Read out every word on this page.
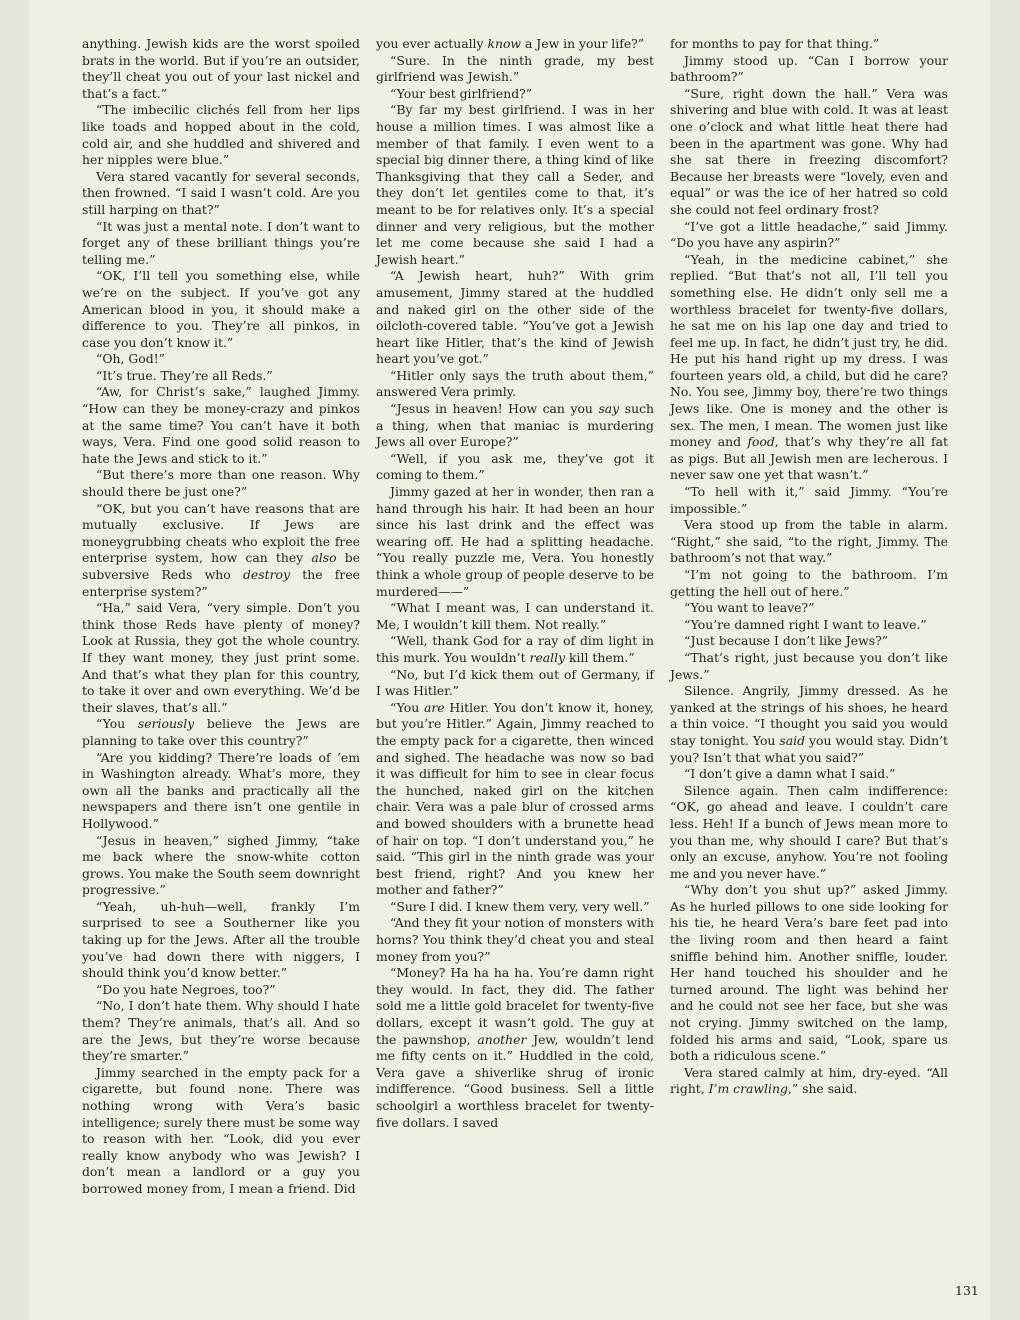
anything. Jewish kids are the worst spoiled brats in the world. But if you’re an outsider, they’ll cheat you out of your last nickel and that’s a fact.”

“The imbecilic clichés fell from her lips like toads and hopped about in the cold, cold air, and she huddled and shivered and her nipples were blue.”

Vera stared vacantly for several seconds, then frowned. “I said I wasn’t cold. Are you still harping on that?”

“It was just a mental note. I don’t want to forget any of these brilliant things you’re telling me.”

“OK, I’ll tell you something else, while we’re on the subject. If you’ve got any American blood in you, it should make a difference to you. They’re all pinkos, in case you don’t know it.”

“Oh, God!”

“It’s true. They’re all Reds.”

“Aw, for Christ’s sake,” laughed Jimmy. “How can they be money-crazy and pinkos at the same time? You can’t have it both ways, Vera. Find one good solid reason to hate the Jews and stick to it.”

“But there’s more than one reason. Why should there be just one?”

“OK, but you can’t have reasons that are mutually exclusive. If Jews are moneygrubbing cheats who exploit the free enterprise system, how can they also be subversive Reds who destroy the free enterprise system?”

“Ha,” said Vera, “very simple. Don’t you think those Reds have plenty of money? Look at Russia, they got the whole country. If they want money, they just print some. And that’s what they plan for this country, to take it over and own everything. We’d be their slaves, that’s all.”

“You seriously believe the Jews are planning to take over this country?”

“Are you kidding? There’re loads of ’em in Washington already. What’s more, they own all the banks and practically all the newspapers and there isn’t one gentile in Hollywood.”

“Jesus in heaven,” sighed Jimmy, “take me back where the snow-white cotton grows. You make the South seem downright progressive.”

“Yeah, uh-huh—well, frankly I’m surprised to see a Southerner like you taking up for the Jews. After all the trouble you’ve had down there with niggers, I should think you’d know better.”

“Do you hate Negroes, too?”

“No, I don’t hate them. Why should I hate them? They’re animals, that’s all. And so are the Jews, but they’re worse because they’re smarter.”

Jimmy searched in the empty pack for a cigarette, but found none. There was nothing wrong with Vera’s basic intelligence; surely there must be some way to reason with her. “Look, did you ever really know anybody who was Jewish? I don’t mean a landlord or a guy you borrowed money from, I mean a friend. Did

you ever actually know a Jew in your life?”

“Sure. In the ninth grade, my best girlfriend was Jewish.”

“Your best girlfriend?”

“By far my best girlfriend. I was in her house a million times. I was almost like a member of that family. I even went to a special big dinner there, a thing kind of like Thanksgiving that they call a Seder, and they don’t let gentiles come to that, it’s meant to be for relatives only. It’s a special dinner and very religious, but the mother let me come because she said I had a Jewish heart.”

“A Jewish heart, huh?” With grim amusement, Jimmy stared at the huddled and naked girl on the other side of the oilcloth-covered table. “You’ve got a Jewish heart like Hitler, that’s the kind of Jewish heart you’ve got.”

“Hitler only says the truth about them,” answered Vera primly.

“Jesus in heaven! How can you say such a thing, when that maniac is murdering Jews all over Europe?”

“Well, if you ask me, they’ve got it coming to them.”

Jimmy gazed at her in wonder, then ran a hand through his hair. It had been an hour since his last drink and the effect was wearing off. He had a splitting headache. “You really puzzle me, Vera. You honestly think a whole group of people deserve to be murdered——”

“What I meant was, I can understand it. Me, I wouldn’t kill them. Not really.”

“Well, thank God for a ray of dim light in this murk. You wouldn’t really kill them.”

“No, but I’d kick them out of Germany, if I was Hitler.”

“You are Hitler. You don’t know it, honey, but you’re Hitler.” Again, Jimmy reached to the empty pack for a cigarette, then winced and sighed. The headache was now so bad it was difficult for him to see in clear focus the hunched, naked girl on the kitchen chair. Vera was a pale blur of crossed arms and bowed shoulders with a brunette head of hair on top. “I don’t understand you,” he said. “This girl in the ninth grade was your best friend, right? And you knew her mother and father?”

“Sure I did. I knew them very, very well.”

“And they fit your notion of monsters with horns? You think they’d cheat you and steal money from you?”

“Money? Ha ha ha ha. You’re damn right they would. In fact, they did. The father sold me a little gold bracelet for twenty-five dollars, except it wasn’t gold. The guy at the pawnshop, another Jew, wouldn’t lend me fifty cents on it.” Huddled in the cold, Vera gave a shiverlike shrug of ironic indifference. “Good business. Sell a little schoolgirl a worthless bracelet for twenty-five dollars. I saved

for months to pay for that thing.”

Jimmy stood up. “Can I borrow your bathroom?”

“Sure, right down the hall.” Vera was shivering and blue with cold. It was at least one o’clock and what little heat there had been in the apartment was gone. Why had she sat there in freezing discomfort? Because her breasts were “lovely, even and equal” or was the ice of her hatred so cold she could not feel ordinary frost?

“I’ve got a little headache,” said Jimmy. “Do you have any aspirin?”

“Yeah, in the medicine cabinet,” she replied. “But that’s not all, I’ll tell you something else. He didn’t only sell me a worthless bracelet for twenty-five dollars, he sat me on his lap one day and tried to feel me up. In fact, he didn’t just try, he did. He put his hand right up my dress. I was fourteen years old, a child, but did he care? No. You see, Jimmy boy, there’re two things Jews like. One is money and the other is sex. The men, I mean. The women just like money and food, that’s why they’re all fat as pigs. But all Jewish men are lecherous. I never saw one yet that wasn’t.”

“To hell with it,” said Jimmy. “You’re impossible.”

Vera stood up from the table in alarm. “Right,” she said, “to the right, Jimmy. The bathroom’s not that way.”

“I’m not going to the bathroom. I’m getting the hell out of here.”

“You want to leave?”

“You’re damned right I want to leave.”

“Just because I don’t like Jews?”

“That’s right, just because you don’t like Jews.”

Silence. Angrily, Jimmy dressed. As he yanked at the strings of his shoes, he heard a thin voice. “I thought you said you would stay tonight. You said you would stay. Didn’t you? Isn’t that what you said?”

“I don’t give a damn what I said.”

Silence again. Then calm indifference: “OK, go ahead and leave. I couldn’t care less. Heh! If a bunch of Jews mean more to you than me, why should I care? But that’s only an excuse, anyhow. You’re not fooling me and you never have.”

“Why don’t you shut up?” asked Jimmy. As he hurled pillows to one side looking for his tie, he heard Vera’s bare feet pad into the living room and then heard a faint sniffle behind him. Another sniffle, louder. Her hand touched his shoulder and he turned around. The light was behind her and he could not see her face, but she was not crying. Jimmy switched on the lamp, folded his arms and said, “Look, spare us both a ridiculous scene.”

Vera stared calmly at him, dry-eyed. “All right, I’m crawling,” she said.

131
